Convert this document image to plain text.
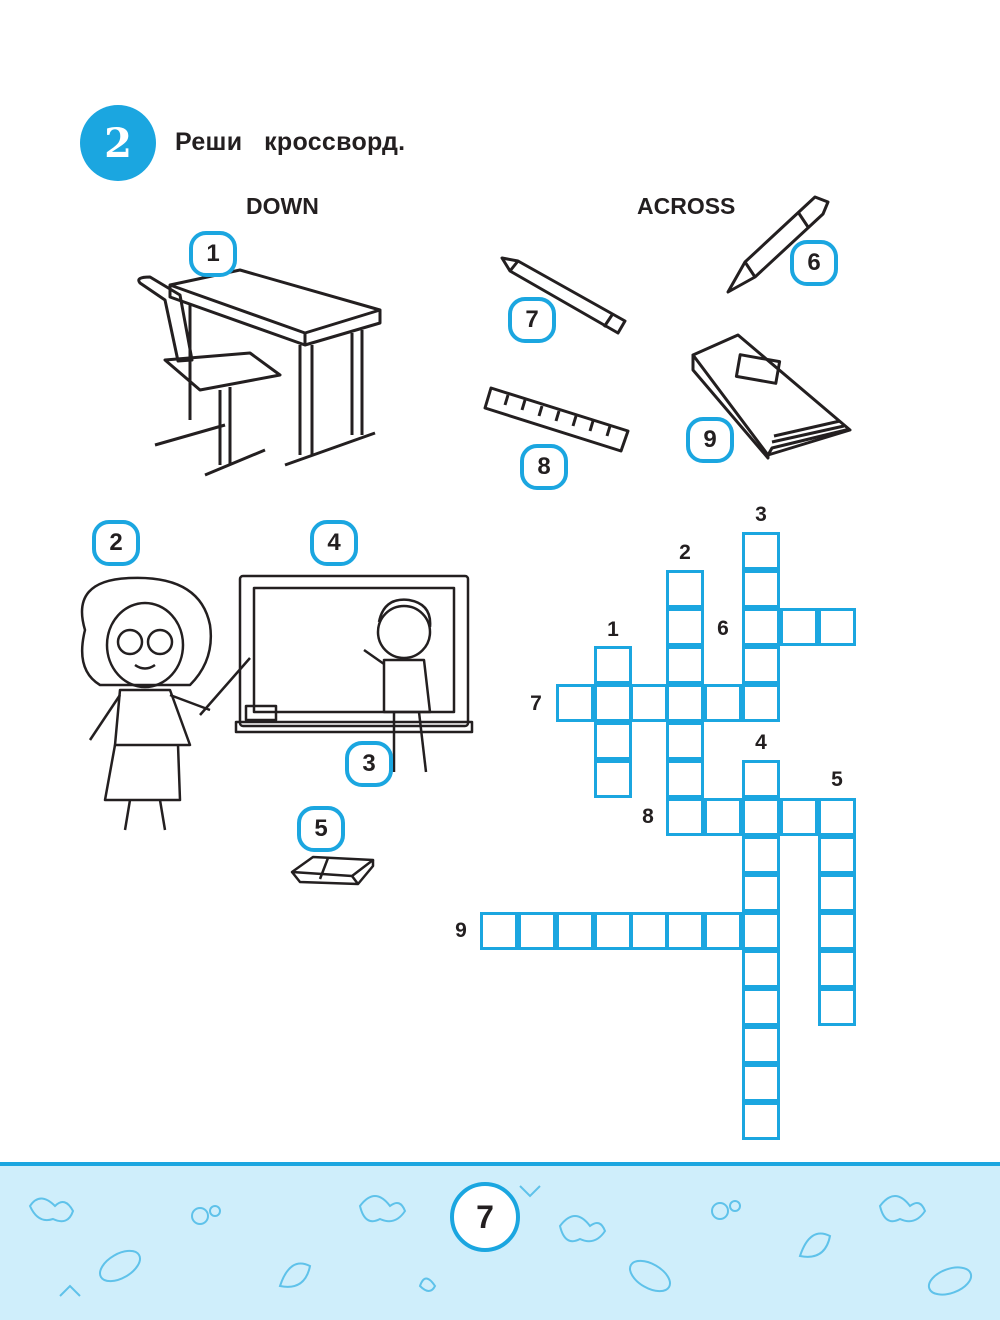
2 Реши   кроссворд.
DOWN	ACROSS
1
7
6
8
9
2	4
3
5
1
2
3
4
5
6
7
8
9
7
